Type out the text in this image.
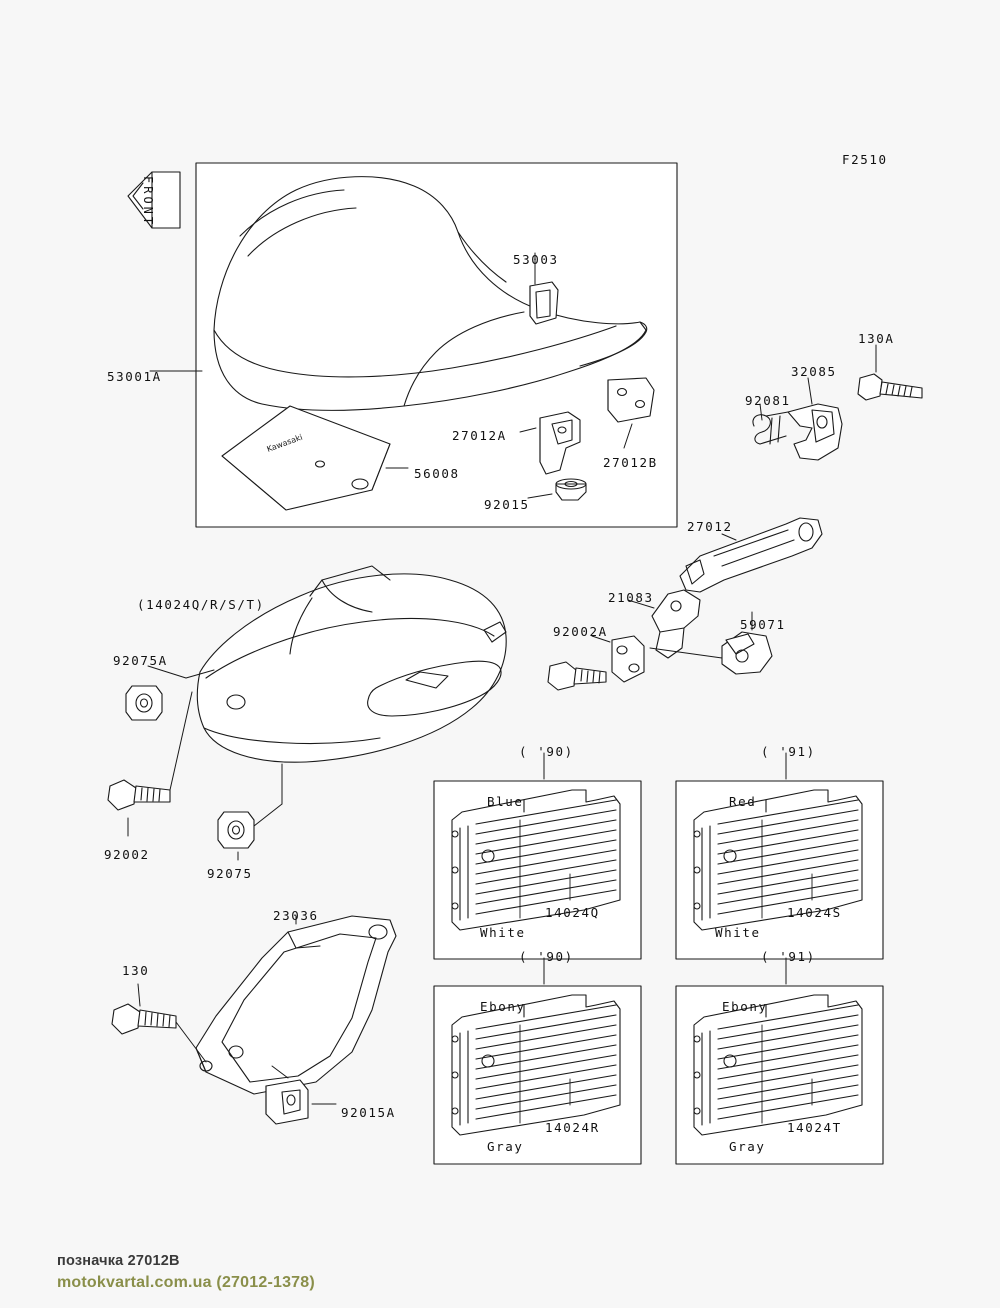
Kawasaki
F2510
53003
130A
32085
92081
53001A
27012A
27012B
56008
92015
27012
(14024Q/R/S/T)	21083
59071
92002A
92075A
92002
92075
23036
130
92015A
( '90)
Blue
White
14024Q
( '91)
Red
White
14024S
( '90)
Ebony
Gray
14024R
( '91)
Ebony
Gray
14024T
FRONT
позначка 27012B
motokvartal.com.ua (27012-1378)
